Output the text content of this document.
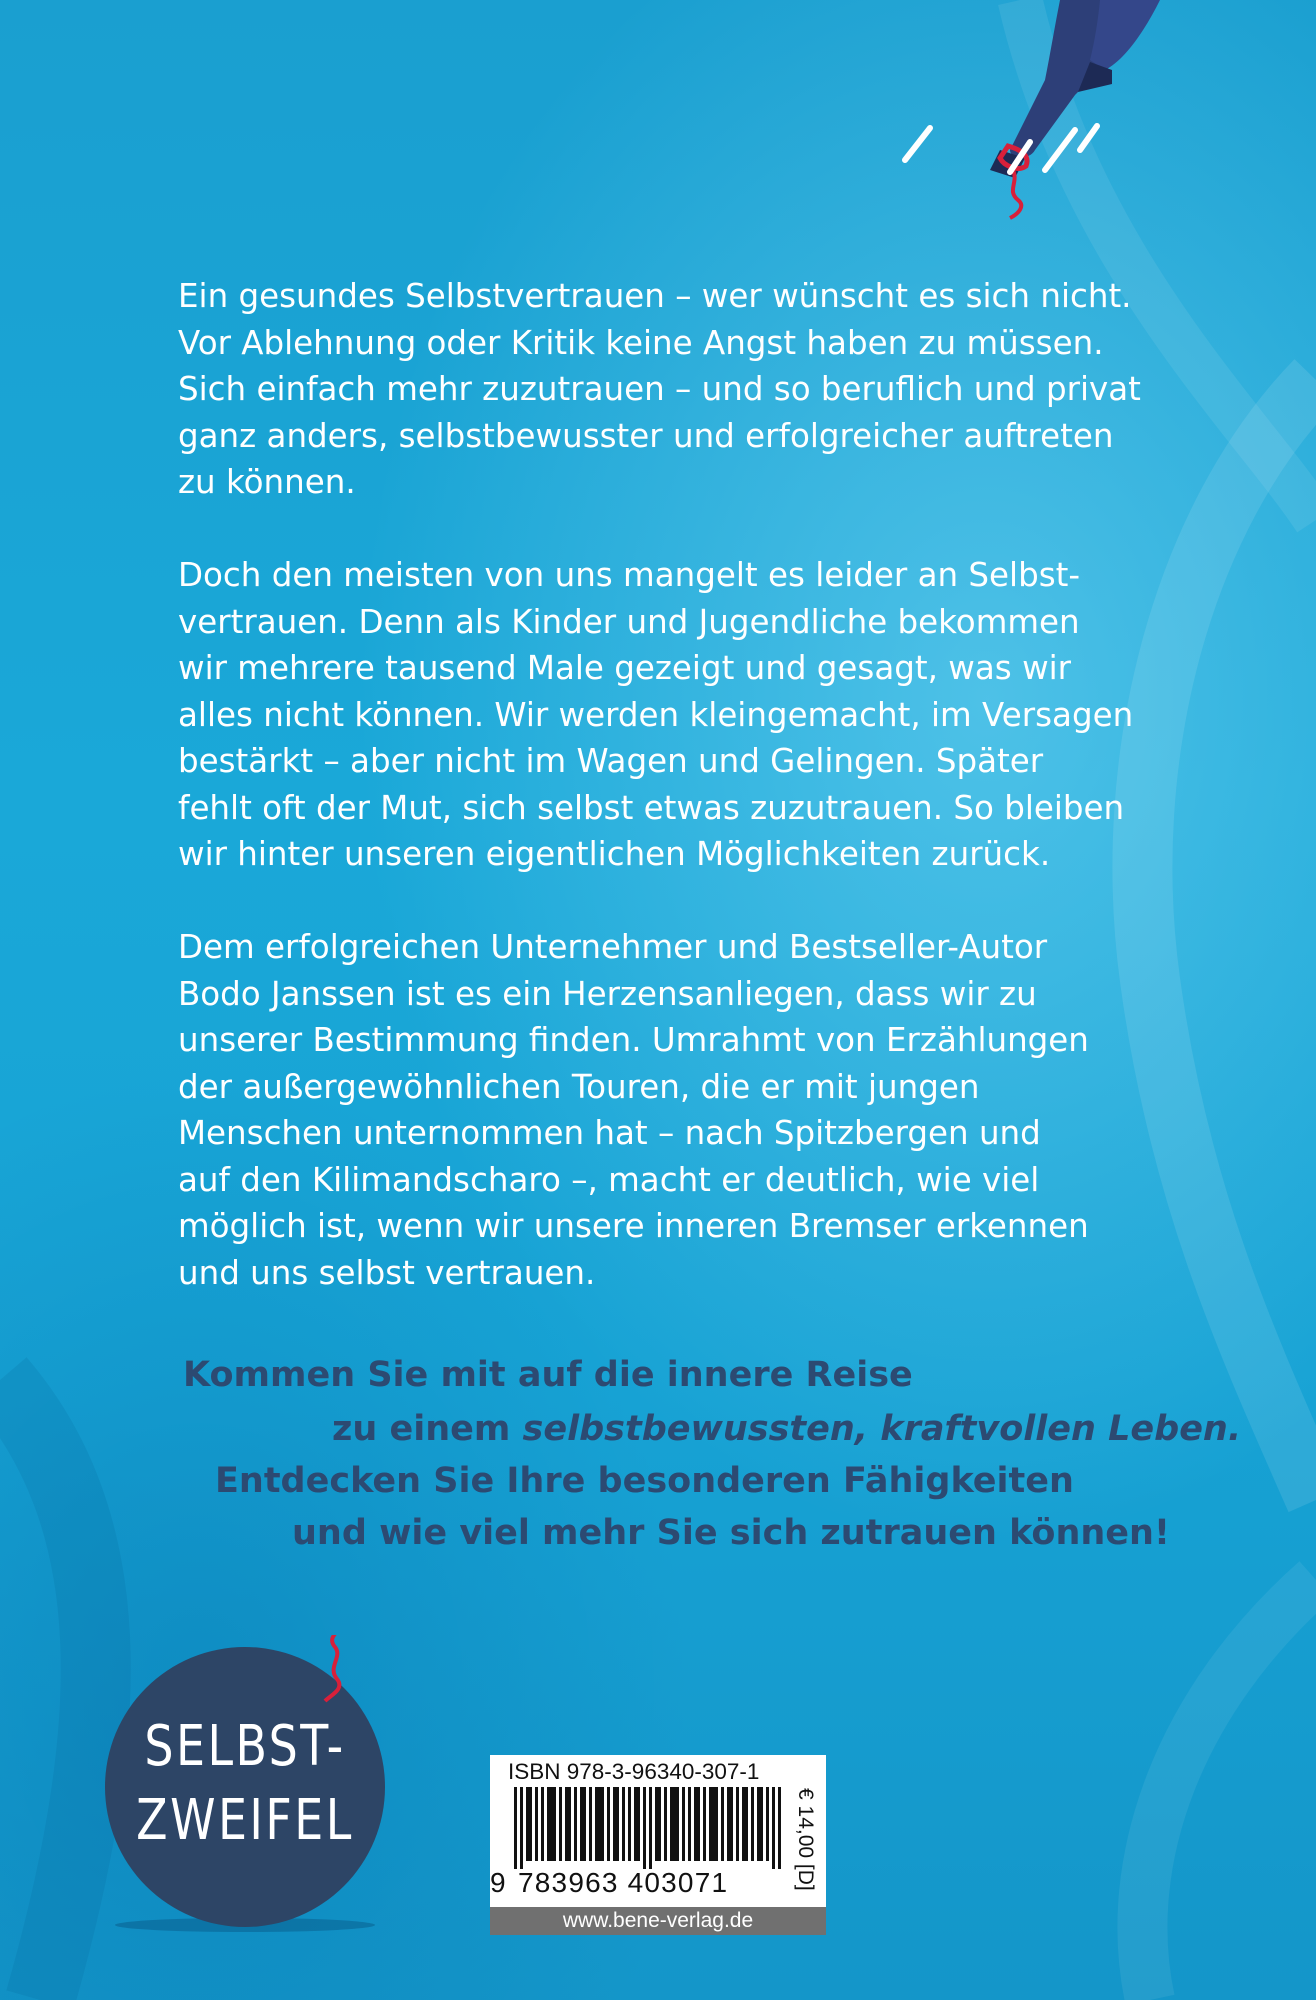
Ein gesundes Selbstvertrauen – wer wünscht es sich nicht.
Vor Ablehnung oder Kritik keine Angst haben zu müssen.
Sich einfach mehr zuzutrauen – und so beruflich und privat
ganz anders, selbstbewusster und erfolgreicher auftreten
zu können.

Doch den meisten von uns mangelt es leider an Selbst-
vertrauen. Denn als Kinder und Jugendliche bekommen
wir mehrere tausend Male gezeigt und gesagt, was wir
alles nicht können. Wir werden kleingemacht, im Versagen
bestärkt – aber nicht im Wagen und Gelingen. Später
fehlt oft der Mut, sich selbst etwas zuzutrauen. So bleiben
wir hinter unseren eigentlichen Möglichkeiten zurück.

Dem erfolgreichen Unternehmer und Bestseller-Autor
Bodo Janssen ist es ein Herzensanliegen, dass wir zu
unserer Bestimmung finden. Umrahmt von Erzählungen
der außergewöhnlichen Touren, die er mit jungen
Menschen unternommen hat – nach Spitzbergen und
auf den Kilimandscharo –, macht er deutlich, wie viel
möglich ist, wenn wir unsere inneren Bremser erkennen
und uns selbst vertrauen.

Kommen Sie mit auf die innere Reise

zu einem selbstbewussten, kraftvollen Leben.

Entdecken Sie Ihre besonderen Fähigkeiten

und wie viel mehr Sie sich zutrauen können!

SELBST-
ZWEIFEL
ISBN 978-3-96340-307-1
9 783963 403071	€ 14,00 [D]
www.bene-verlag.de
